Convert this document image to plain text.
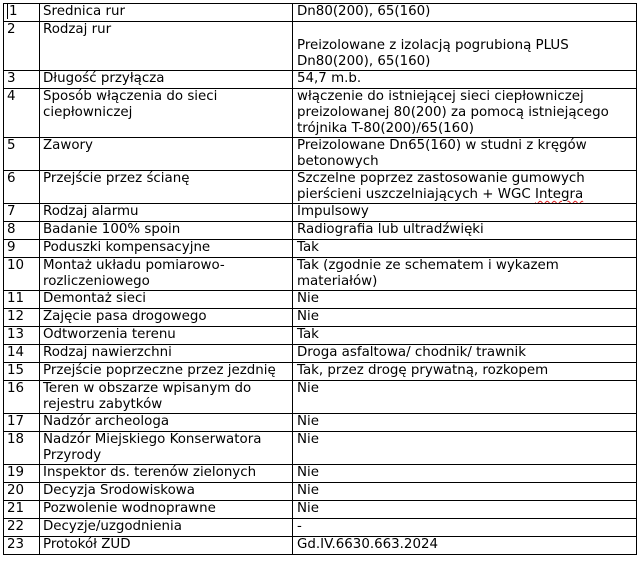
1	Średnica rur	Dn80(200), 65(160)
2	Rodzaj rur	Preizolowane z izolacją pogrubioną PLUS
Dn80(200), 65(160)

3	Długość przyłącza	54,7 m.b.
4	Sposób włączenia do sieci ciepłowniczej	włączenie do istniejącej sieci ciepłowniczej preizolowanej 80(200) za pomocą istniejącego trójnika T-80(200)/65(160)
5	Zawory	Preizolowane Dn65(160) w studni z kręgów betonowych
6	Przejście przez ścianę	Szczelne poprzez zastosowanie gumowych pierścieni uszczelniających + WGC Integra
7	Rodzaj alarmu	Impulsowy
8	Badanie 100% spoin	Radiografia lub ultradźwięki
9	Poduszki kompensacyjne	Tak
10	Montaż układu pomiarowo-rozliczeniowego	Tak (zgodnie ze schematem i wykazem materiałów)
11	Demontaż sieci	Nie
12	Zajęcie pasa drogowego	Nie
13	Odtworzenia terenu	Tak
14	Rodzaj nawierzchni	Droga asfaltowa/ chodnik/ trawnik
15	Przejście poprzeczne przez jezdnię	Tak, przez drogę prywatną, rozkopem
16	Teren w obszarze wpisanym do rejestru zabytków	Nie
17	Nadzór archeologa	Nie
18	Nadzór Miejskiego Konserwatora Przyrody	Nie
19	Inspektor ds. terenów zielonych	Nie
20	Decyzja Środowiskowa	Nie
21	Pozwolenie wodnoprawne	Nie
22	Decyzje/uzgodnienia	-
23	Protokół ZUD	Gd.IV.6630.663.2024
